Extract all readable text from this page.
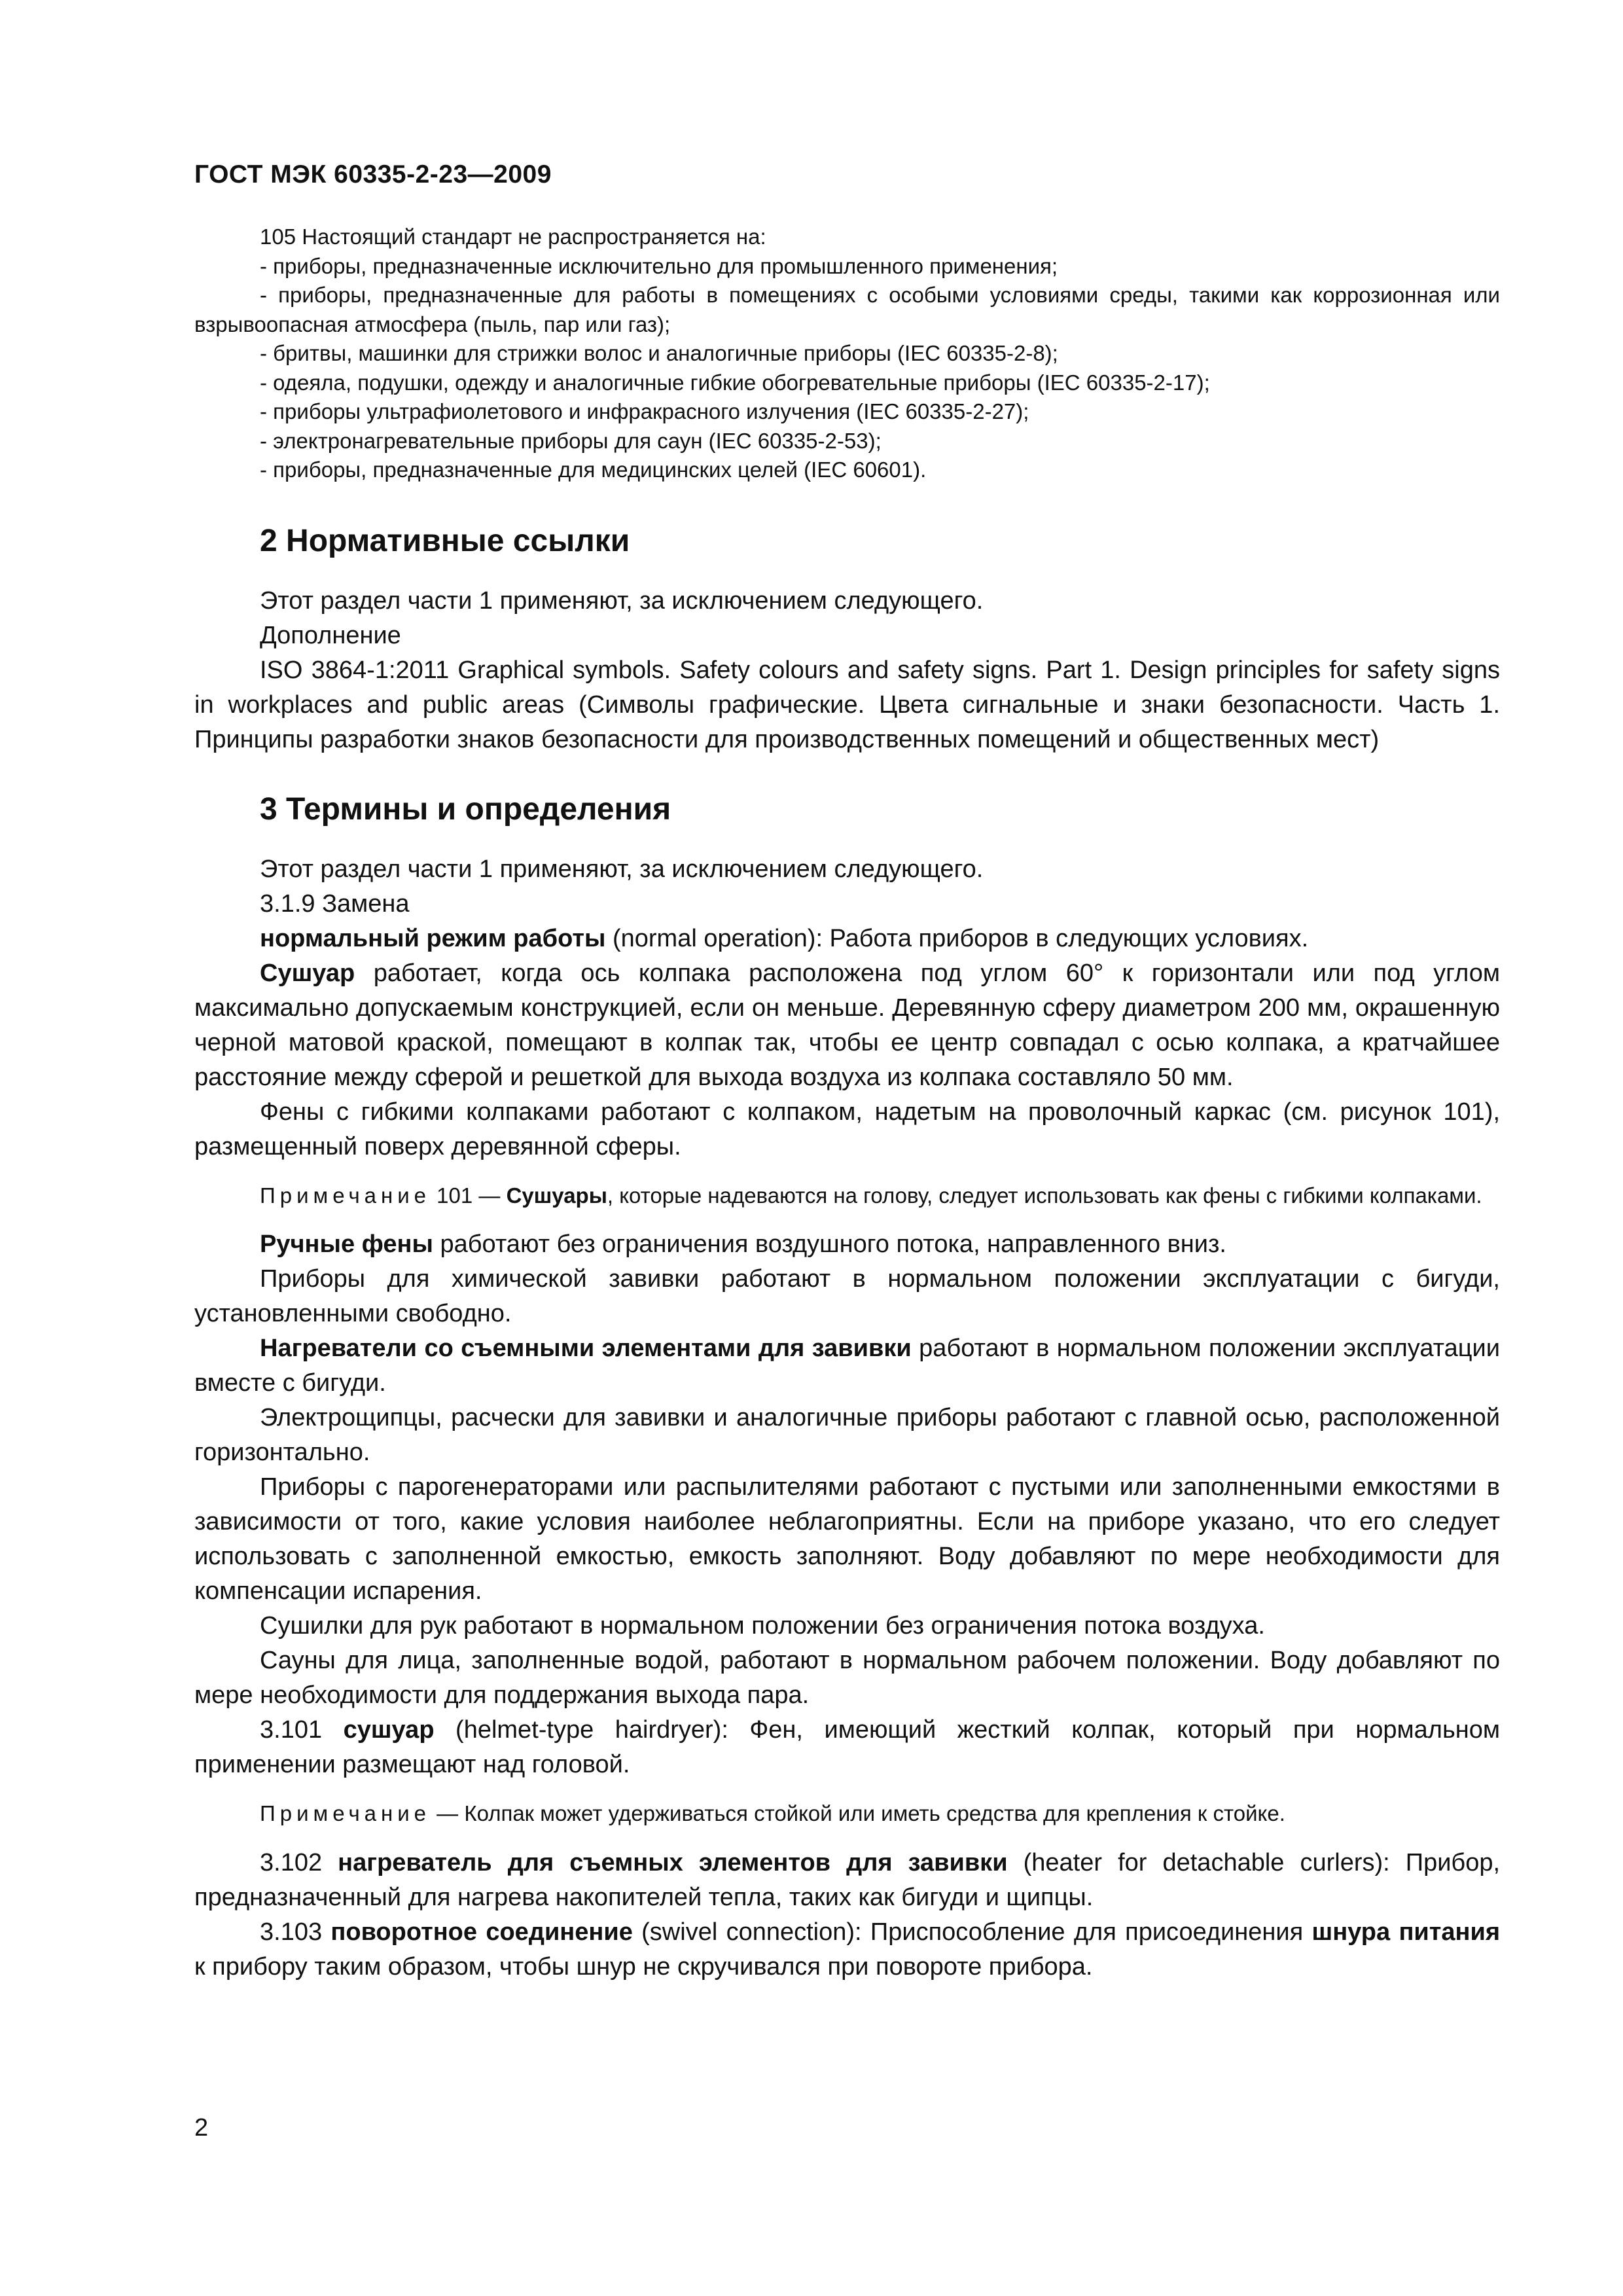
ГОСТ МЭК 60335-2-23—2009

105 Настоящий стандарт не распространяется на:

- приборы, предназначенные исключительно для промышленного применения;

- приборы, предназначенные для работы в помещениях с особыми условиями среды, такими как коррозионная или взрывоопасная атмосфера (пыль, пар или газ);

- бритвы, машинки для стрижки волос и аналогичные приборы (IEC 60335-2-8);

- одеяла, подушки, одежду и аналогичные гибкие обогревательные приборы (IEC 60335-2-17);

- приборы ультрафиолетового и инфракрасного излучения (IEC 60335-2-27);

- электронагревательные приборы для саун (IEC 60335-2-53);

- приборы, предназначенные для медицинских целей (IEC 60601).

2 Нормативные ссылки

Этот раздел части 1 применяют, за исключением следующего.

Дополнение

ISO 3864-1:2011 Graphical symbols. Safety colours and safety signs. Part 1. Design principles for safety signs in workplaces and public areas (Символы графические. Цвета сигнальные и знаки безопасности. Часть 1. Принципы разработки знаков безопасности для производственных помещений и общественных мест)

3 Термины и определения

Этот раздел части 1 применяют, за исключением следующего.

3.1.9 Замена

нормальный режим работы (normal operation): Работа приборов в следующих условиях.

Сушуар работает, когда ось колпака расположена под углом 60° к горизонтали или под углом максимально допускаемым конструкцией, если он меньше. Деревянную сферу диаметром 200 мм, окрашенную черной матовой краской, помещают в колпак так, чтобы ее центр совпадал с осью колпака, а кратчайшее расстояние между сферой и решеткой для выхода воздуха из колпака составляло 50 мм.

Фены с гибкими колпаками работают с колпаком, надетым на проволочный каркас (см. рисунок 101), размещенный поверх деревянной сферы.

Примечание 101 — Сушуары, которые надеваются на голову, следует использовать как фены с гибкими колпаками.

Ручные фены работают без ограничения воздушного потока, направленного вниз.

Приборы для химической завивки работают в нормальном положении эксплуатации с бигуди, установленными свободно.

Нагреватели со съемными элементами для завивки работают в нормальном положении эксплуатации вместе с бигуди.

Электрощипцы, расчески для завивки и аналогичные приборы работают с главной осью, расположенной горизонтально.

Приборы с парогенераторами или распылителями работают с пустыми или заполненными емкостями в зависимости от того, какие условия наиболее неблагоприятны. Если на приборе указано, что его следует использовать с заполненной емкостью, емкость заполняют. Воду добавляют по мере необходимости для компенсации испарения.

Сушилки для рук работают в нормальном положении без ограничения потока воздуха.

Сауны для лица, заполненные водой, работают в нормальном рабочем положении. Воду добавляют по мере необходимости для поддержания выхода пара.

3.101 сушуар (helmet-type hairdryer): Фен, имеющий жесткий колпак, который при нормальном применении размещают над головой.

Примечание — Колпак может удерживаться стойкой или иметь средства для крепления к стойке.

3.102 нагреватель для съемных элементов для завивки (heater for detachable curlers): Прибор, предназначенный для нагрева накопителей тепла, таких как бигуди и щипцы.

3.103 поворотное соединение (swivel connection): Приспособление для присоединения шнура питания к прибору таким образом, чтобы шнур не скручивался при повороте прибора.

2
